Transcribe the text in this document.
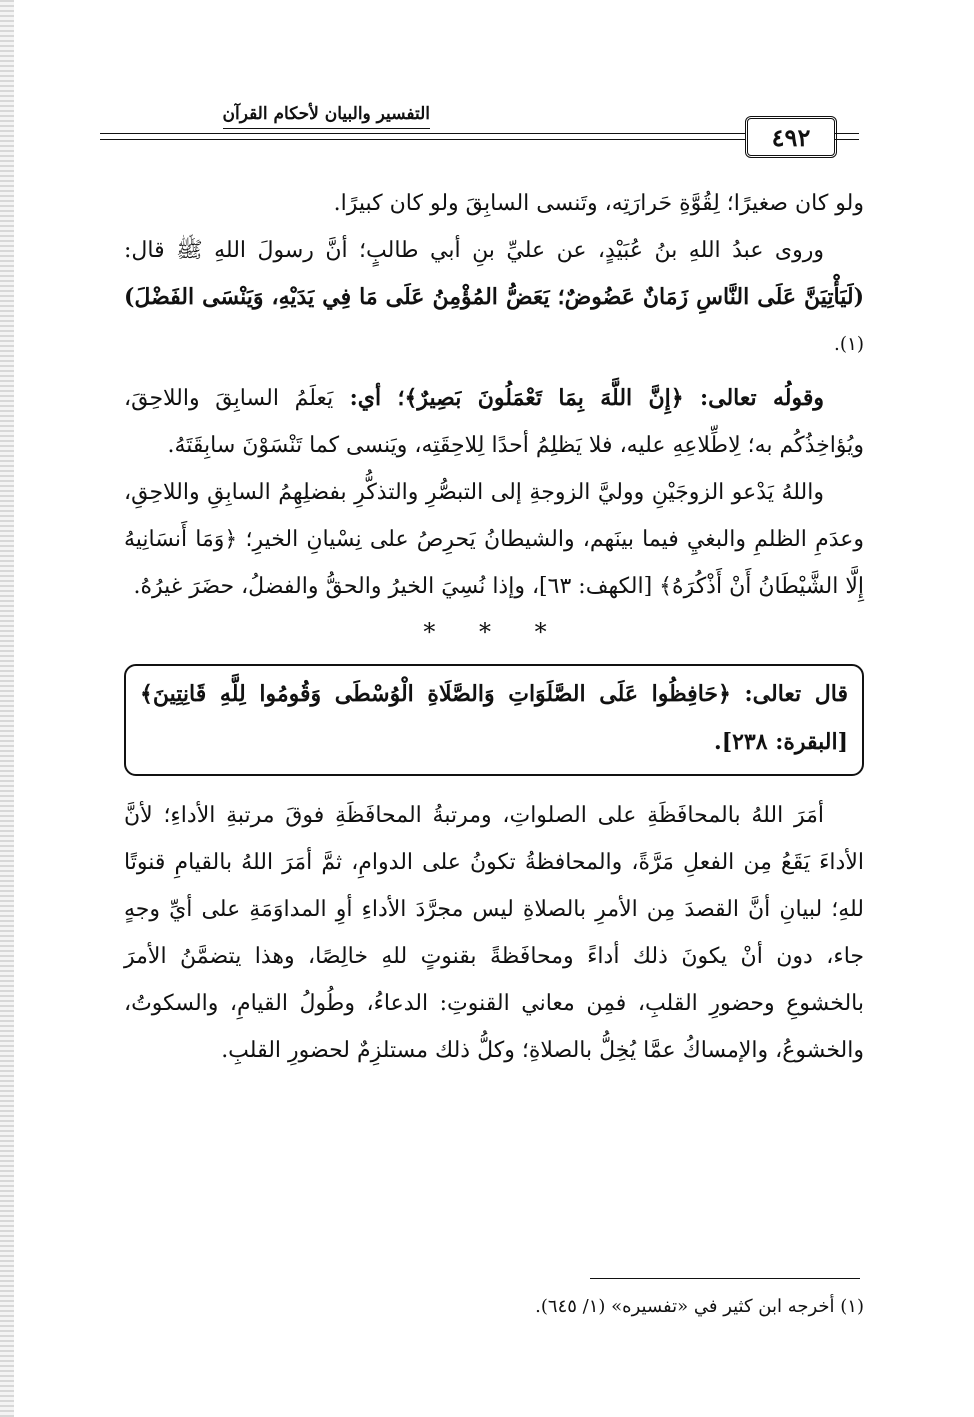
التفسير والبيان لأحكام القرآن
٤٩٢

ولو كان صغيرًا؛ لِقُوَّةِ حَرارَتِه، وتَنسى السابِقَ ولو كان كبيرًا.

وروى عبدُ اللهِ بنُ عُبَيْدٍ، عن عليِّ بنِ أبي طالبٍ؛ أنَّ رسولَ اللهِ ﷺ قال: (لَيَأْتِيَنَّ عَلَى النَّاسِ زَمَانٌ عَضُوضٌ؛ يَعَضُّ المُؤْمِنُ عَلَى مَا فِي يَدَيْهِ، وَيَنْسَى الفَضْلَ)$^{(١).}$

وقولُه تعالى: ﴿إِنَّ اللَّهَ بِمَا تَعْمَلُونَ بَصِيرٌ﴾؛ أي: يَعلَمُ السابِقَ واللاحِقَ، ويُؤاخِذُكُم به؛ لِاطِّلاعِهِ عليه، فلا يَظلِمُ أحدًا لِلاحِقَتِه، ويَنسى كما تَنْسَوْنَ سابِقَتَهُ.

واللهُ يَدْعو الزوجَيْنِ ووليَّ الزوجةِ إلى التبصُّرِ والتذكُّرِ بفضلِهِمُ السابِقِ واللاحِقِ، وعدَمِ الظلمِ والبغيِ فيما بينَهم، والشيطانُ يَحرِصُ على نِسْيانِ الخيرِ؛ ﴿وَمَا أَنسَانِيهُ إِلَّا الشَّيْطَانُ أَنْ أَذْكُرَهُ﴾ [الكهف: ٦٣]، وإذا نُسِيَ الخيرُ والحقُّ والفضلُ، حضَرَ غيرُهُ.

* * *
قال تعالى: ﴿حَافِظُوا عَلَى الصَّلَوَاتِ وَالصَّلَاةِ الْوُسْطَى وَقُومُوا لِلَّهِ قَانِتِينَ﴾ [البقرة: ٢٣٨].

أمَرَ اللهُ بالمحافَظَةِ على الصلواتِ، ومرتبةُ المحافَظَةِ فوقَ مرتبةِ الأداءِ؛ لأنَّ الأداءَ يَقَعُ مِن الفعلِ مَرَّةً، والمحافظةُ تكونُ على الدوامِ، ثمَّ أمَرَ اللهُ بالقيامِ قنوتًا للهِ؛ لبيانِ أنَّ القصدَ مِن الأمرِ بالصلاةِ ليس مجرَّدَ الأداءِ أوِ المداوَمَةِ على أيِّ وجهٍ جاء، دون أنْ يكونَ ذلك أداءً ومحافَظةً بقنوتٍ للهِ خالِصًا، وهذا يتضمَّنُ الأمرَ بالخشوعِ وحضورِ القلبِ، فمِن معاني القنوتِ: الدعاءُ، وطُولُ القيامِ، والسكوتُ، والخشوعُ، والإمساكُ عمَّا يُخِلُّ بالصلاةِ؛ وكلُّ ذلك مستلزِمٌ لحضورِ القلبِ.

(١) أخرجه ابن كثير في «تفسيره» (١/ ٦٤٥).
